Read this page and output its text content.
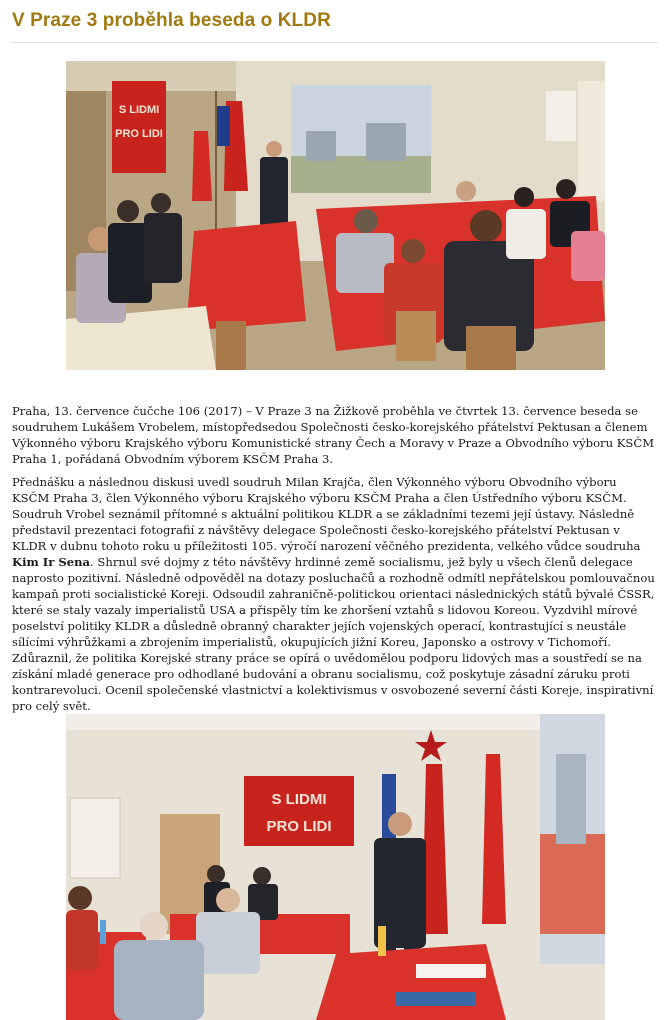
V Praze 3 proběhla beseda o KLDR
S LIDMI
PRO LIDI

Praha, 13. července čučche 106 (2017) – V Praze 3 na Žižkově proběhla ve čtvrtek 13. července beseda se soudruhem Lukášem Vrobelem, místopředsedou Společnosti česko-korejského přátelství Pektusan a členem Výkonného výboru Krajského výboru Komunistické strany Čech a Moravy v Praze a Obvodního výboru KSČM Praha 1, pořádaná Obvodním výborem KSČM Praha 3.

Přednášku a následnou diskusi uvedl soudruh Milan Krajča, člen Výkonného výboru Obvodního výboru KSČM Praha 3, člen Výkonného výboru Krajského výboru KSČM Praha a člen Ústředního výboru KSČM. Soudruh Vrobel seznámil přítomné s aktuální politikou KLDR a se základními tezemi její ústavy. Následně představil prezentaci fotografií z návštěvy delegace Společnosti česko-korejského přátelství Pektusan v KLDR v dubnu tohoto roku u příležitosti 105. výročí narození věčného prezidenta, velkého vůdce soudruha Kim Ir Sena. Shrnul své dojmy z této návštěvy hrdinné země socialismu, jež byly u všech členů delegace naprosto pozitivní. Následně odpověděl na dotazy posluchačů a rozhodně odmítl nepřátelskou pomlouvačnou kampaň proti socialistické Koreji. Odsoudil zahraničně-politickou orientaci následnických států bývalé ČSSR, které se staly vazaly imperialistů USA a přispěly tím ke zhoršení vztahů s lidovou Koreou. Vyzdvihl mírové poselství politiky KLDR a důsledně obranný charakter jejích vojenských operací, kontrastující s neustále sílícími výhrůžkami a zbrojením imperialistů, okupujících jižní Koreu, Japonsko a ostrovy v Tichomoří. Zdůraznil, že politika Korejské strany práce se opírá o uvědomělou podporu lidových mas a soustředí se na získání mladé generace pro odhodlané budování a obranu socialismu, což poskytuje zásadní záruku proti kontrarevoluci. Ocenil společenské vlastnictví a kolektivismus v osvobozené severní části Koreje, inspirativní pro celý svět.

S LIDMI
PRO LIDI
